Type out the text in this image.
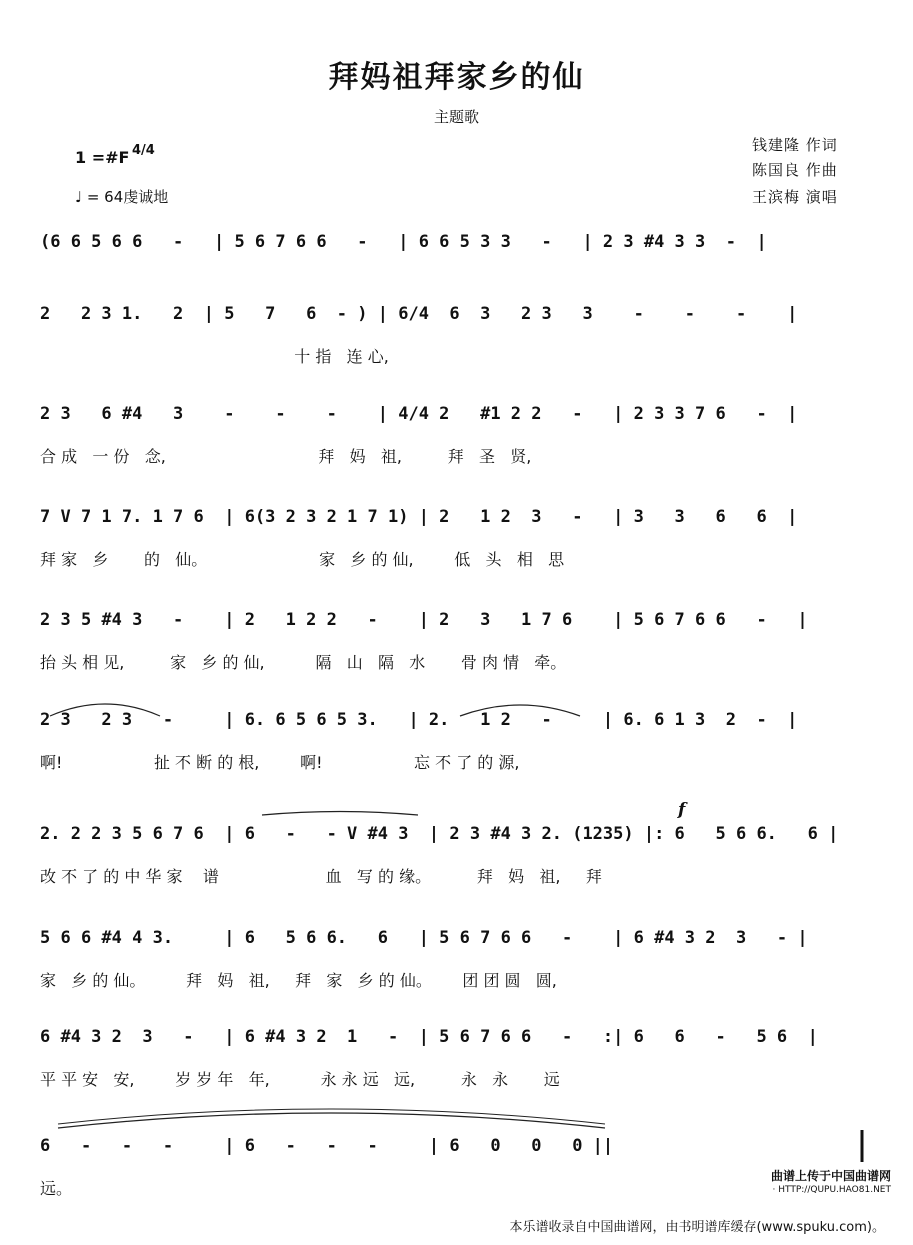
拜妈祖拜家乡的仙
主题歌
1 =#F 4/4
♩ = 64虔诚地
钱建隆 作词
陈国良 作曲
王滨梅 演唱
(6 6 5 6 6   -   | 5 6 7 6 6   -   | 6 6 5 3 3   -   | 2 3 #4 3 3  -  |
2   2 3 1.   2  | 5   7   6  - ) | 6/4  6  3   2 3   3    -    -    -    |
十 指   连 心,
2 3   6 #4   3    -    -    -    | 4/4 2   #1 2 2   -   | 2 3 3 7 6   -  |
合 成   一 份   念,                              拜   妈   祖,         拜   圣   贤,
7 V 7 1 7. 1 7 6  | 6(3 2 3 2 1 7 1) | 2   1 2  3   -   | 3   3   6   6  |
拜 家   乡       的   仙。                      家   乡 的 仙,        低   头   相   思
2 3 5 #4 3   -    | 2   1 2 2   -    | 2   3   1 7 6    | 5 6 7 6 6   -   |
抬 头 相 见,         家   乡 的 仙,          隔   山   隔   水       骨 肉 情   牵。
2 3   2 3   -     | 6. 6 5 6 5 3.   | 2.   1 2   -     | 6. 6 1 3  2  -  |
啊!                  扯 不 断 的 根,        啊!                  忘 不 了 的 源,
f
2. 2 2 3 5 6 7 6  | 6   -   - V #4 3  | 2 3 #4 3 2. (1235) |: 6   5 6 6.   6 |
改 不 了 的 中 华 家    谱                     血   写 的 缘。         拜   妈   祖,     拜
5 6 6 #4 4 3.     | 6   5 6 6.   6   | 5 6 7 6 6   -    | 6 #4 3 2  3   - |
家   乡 的 仙。        拜   妈   祖,     拜   家   乡 的 仙。      团 团 圆   圆,
6 #4 3 2  3   -   | 6 #4 3 2  1   -  | 5 6 7 6 6   -   :| 6   6   -   5 6  |
平 平 安   安,        岁 岁 年   年,          永 永 远   远,         永   永       远
6   -   -   -     | 6   -   -   -     | 6   0   0   0 ||
远。
曲谱上传于中国曲谱网
· HTTP://QUPU.HAO81.NET
本乐谱收录自中国曲谱网，由书明谱库缓存(www.spuku.com)。
